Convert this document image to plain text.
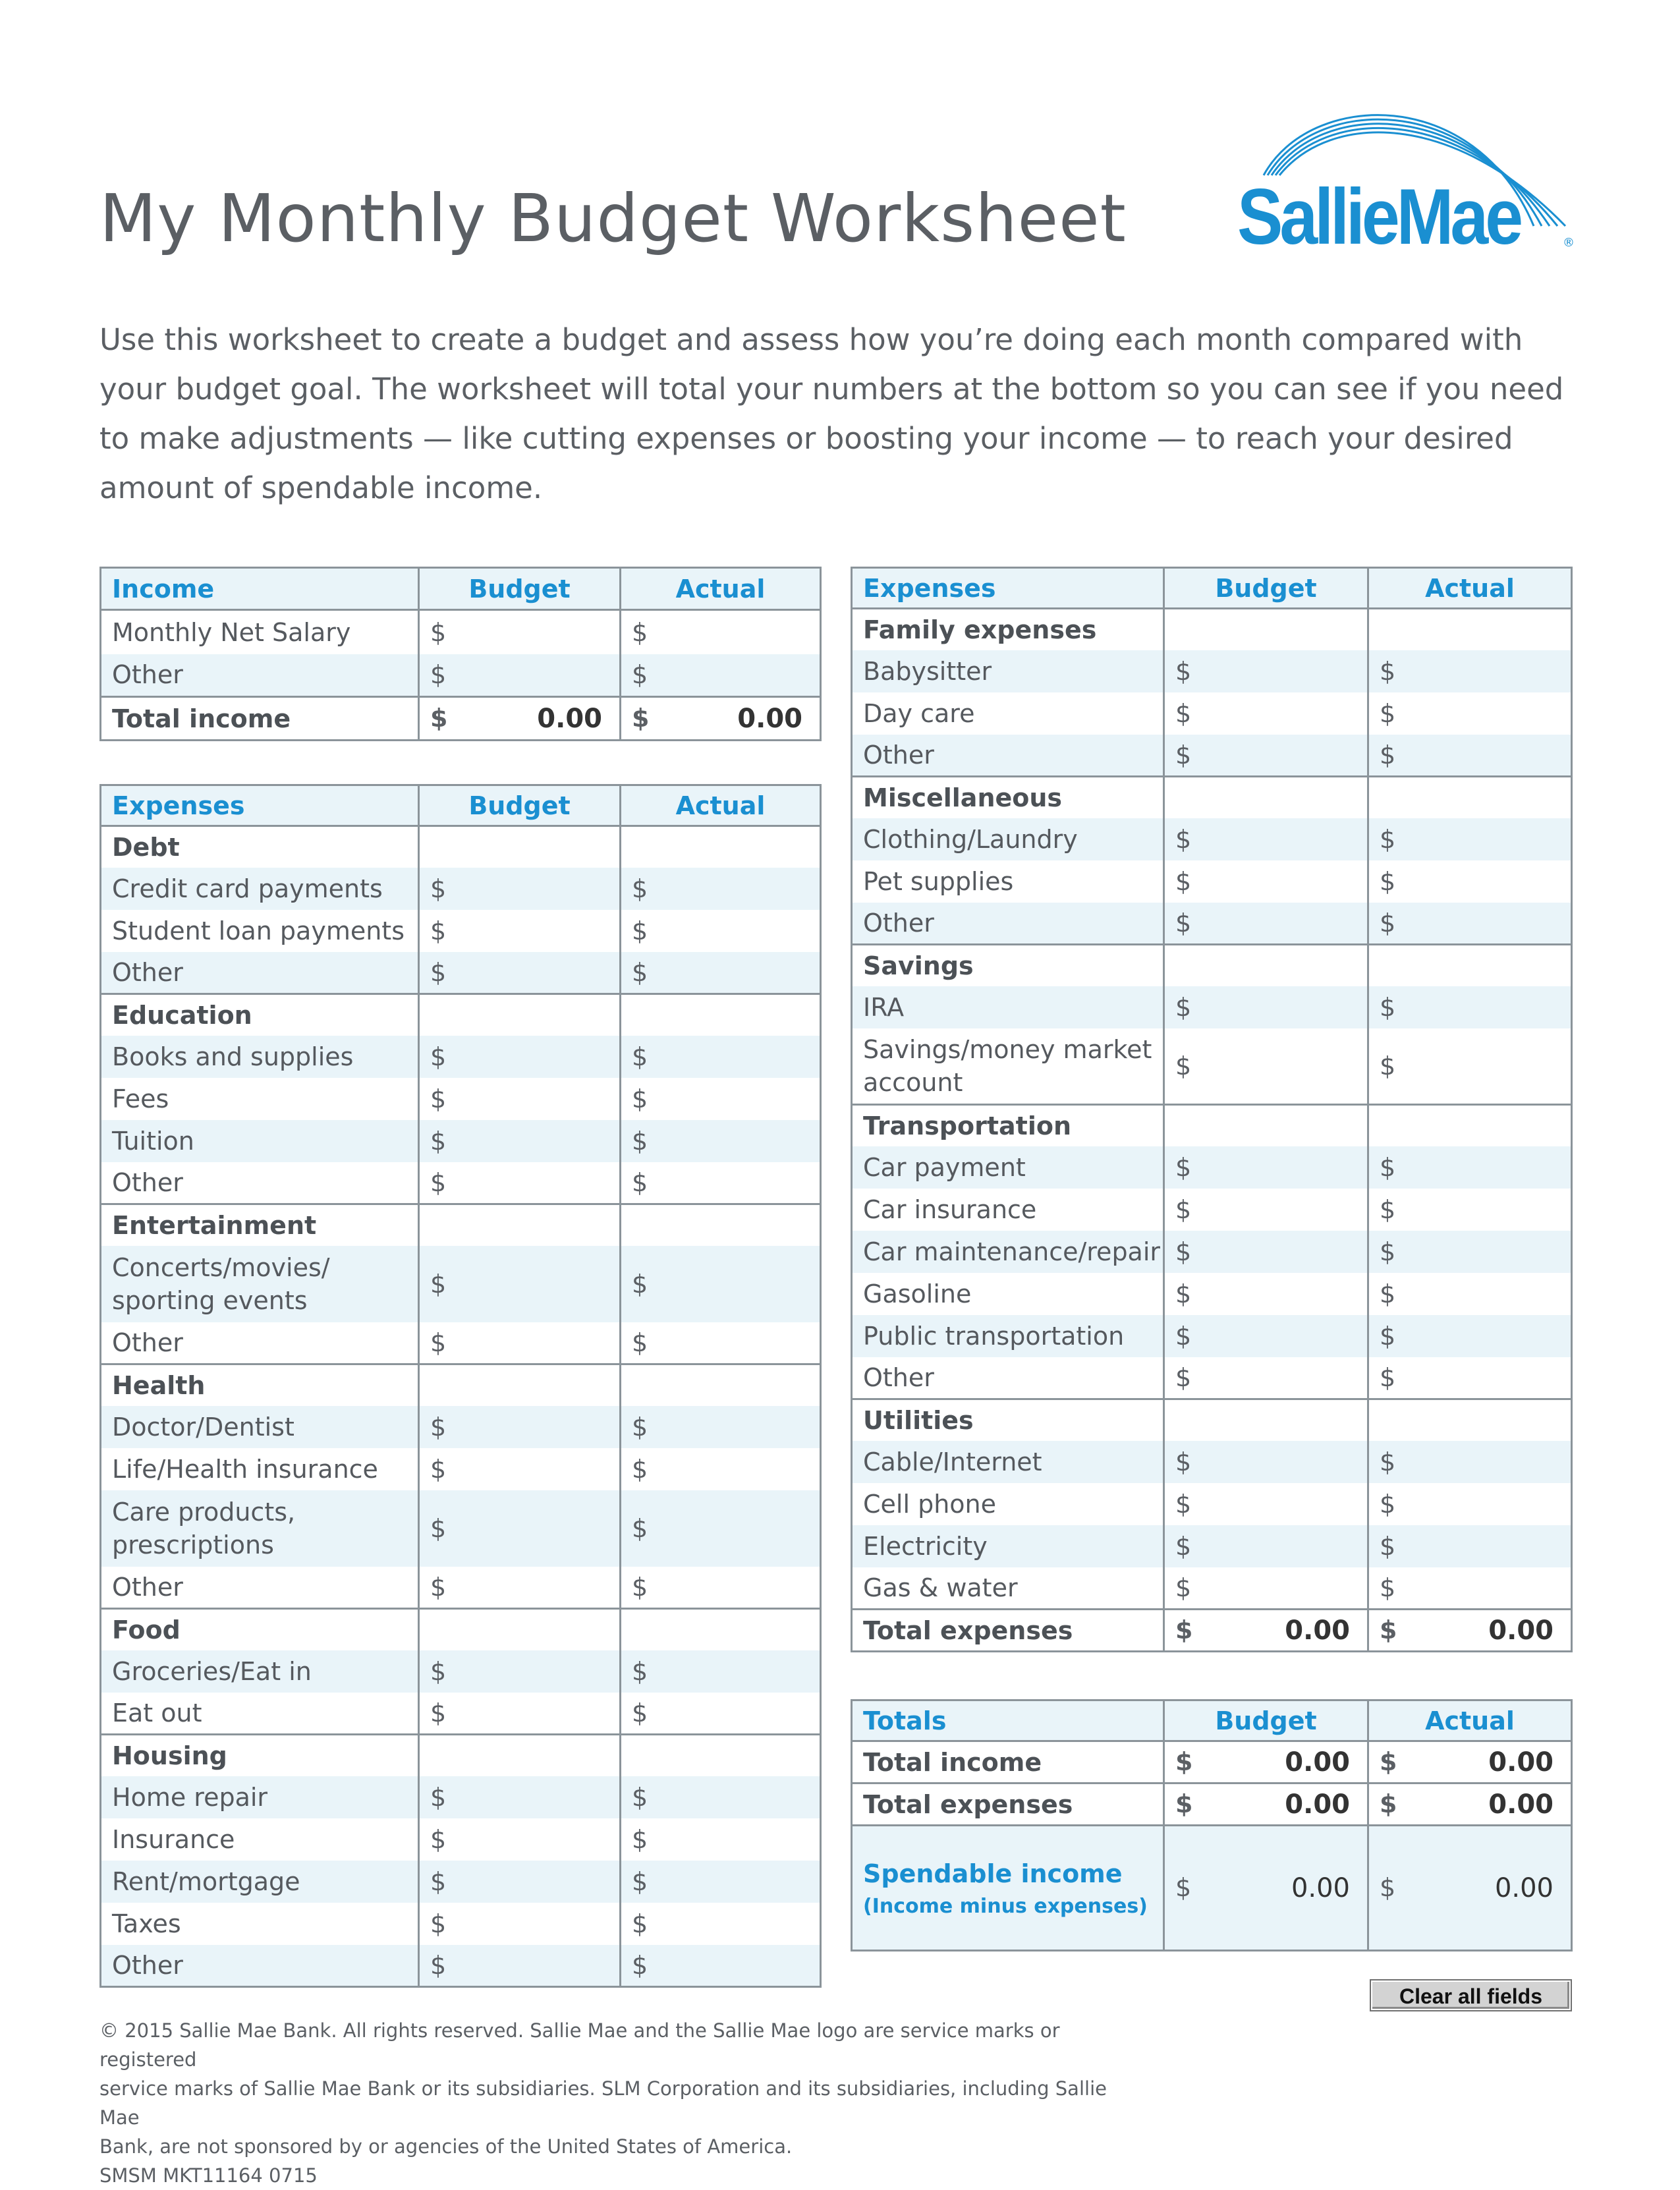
My Monthly Budget Worksheet SallieMae	®

Use this worksheet to create a budget and assess how you’re doing each month compared with your budget goal. The worksheet will total your numbers at the bottom so you can see if you need to make adjustments — like cutting expenses or boosting your income — to reach your desired amount of spendable income.

Income	Budget	Actual
Monthly Net Salary	$	$

Other	$	$

Total income	$ 0.00	$ 0.00
Expenses	Budget	Actual
Debt		
Credit card payments	$	$

Student loan payments	$	$

Other	$	$

Education		
Books and supplies	$	$

Fees	$	$

Tuition	$	$

Other	$	$

Entertainment		
Concerts/movies/ sporting events	$	$

Other	$	$

Health		
Doctor/Dentist	$	$

Life/Health insurance	$	$

Care products, prescriptions	$	$

Other	$	$

Food		
Groceries/Eat in	$	$

Eat out	$	$

Housing		
Home repair	$	$

Insurance	$	$

Rent/mortgage	$	$

Taxes	$	$

Other	$	$
Expenses	Budget	Actual
Family expenses		
Babysitter	$	$

Day care	$	$

Other	$	$

Miscellaneous		
Clothing/Laundry	$	$

Pet supplies	$	$

Other	$	$

Savings		
IRA	$	$

Savings/money market account	$	$

Transportation		
Car payment	$	$

Car insurance	$	$

Car maintenance/repair	$	$

Gasoline	$	$

Public transportation	$	$

Other	$	$

Utilities		
Cable/Internet	$	$

Cell phone	$	$

Electricity	$	$

Gas & water	$	$

Total expenses	$ 0.00	$ 0.00
Totals	Budget	Actual
Total income	$ 0.00	$ 0.00

Total expenses	$ 0.00	$ 0.00

Spendable income
(Income minus expenses)	$ 0.00	$ 0.00
Clear all fields

© 2015 Sallie Mae Bank. All rights reserved. Sallie Mae and the Sallie Mae logo are service marks or registered
service marks of Sallie Mae Bank or its subsidiaries. SLM Corporation and its subsidiaries, including Sallie Mae
Bank, are not sponsored by or agencies of the United States of America.
SMSM MKT11164 0715
